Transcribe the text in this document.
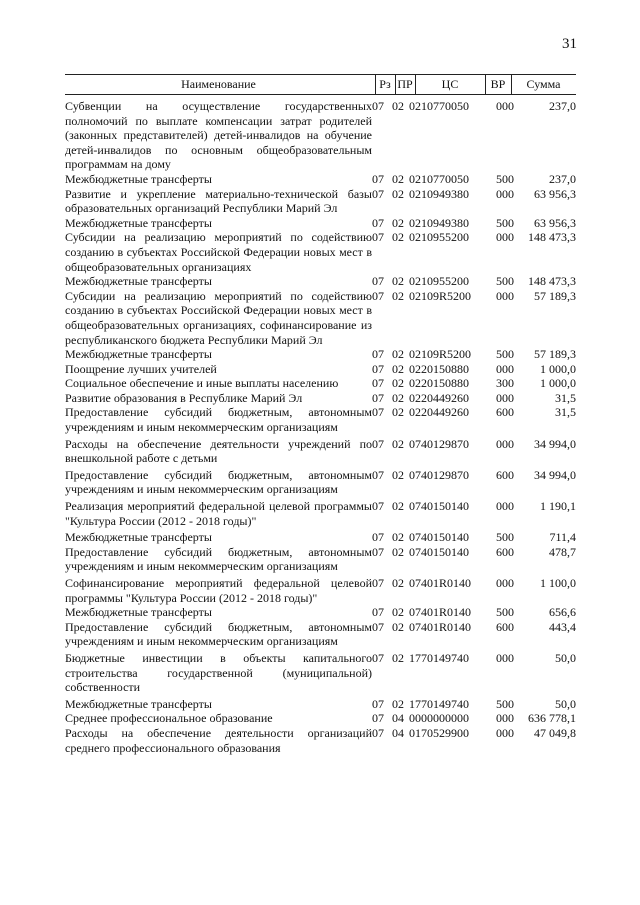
31
Наименование	Рз ПР	ЦС	ВР	Сумма
Субвенции на осуществление государственных полномочий по выплате компенсации затрат родителей (законных представителей) детей-инвалидов на обучение детей-инвалидов по основным общеобразовательным программам на дому
07 02 0210770050	000	237,0
Межбюджетные трансферты	07 02 0210770050	500	237,0
Развитие и укрепление материально-технической базы образовательных организаций Республики Марий Эл
07 02 0210949380	000	63 956,3
Межбюджетные трансферты	07 02 0210949380	500	63 956,3
Субсидии на реализацию мероприятий по содействию созданию в субъектах Российской Федерации новых мест в общеобразовательных организациях
07 02 0210955200	000	148 473,3
Межбюджетные трансферты	07 02 0210955200	500	148 473,3
Субсидии на реализацию мероприятий по содействию созданию в субъектах Российской Федерации новых мест в общеобразовательных организациях, софинансирование из республиканского бюджета Республики Марий Эл
07 02 02109R5200	000	57 189,3
Межбюджетные трансферты	07 02 02109R5200	500	57 189,3
Поощрение лучших учителей	07 02 0220150880	000	1 000,0
Социальное обеспечение и иные выплаты населению	07 02 0220150880	300	1 000,0
Развитие образования в Республике Марий Эл	07 02 0220449260	000	31,5
Предоставление субсидий бюджетным, автономным учреждениям и иным некоммерческим организациям
07 02 0220449260	600	31,5
Расходы на обеспечение деятельности учреждений по внешкольной работе с детьми
07 02 0740129870	000	34 994,0
Предоставление субсидий бюджетным, автономным учреждениям и иным некоммерческим организациям
07 02 0740129870	600	34 994,0
Реализация мероприятий федеральной целевой программы "Культура России (2012 - 2018 годы)"
07 02 0740150140	000	1 190,1
Межбюджетные трансферты	07 02 0740150140	500	711,4
Предоставление субсидий бюджетным, автономным учреждениям и иным некоммерческим организациям
07 02 0740150140	600	478,7
Софинансирование мероприятий федеральной целевой программы "Культура России (2012 - 2018 годы)"
07 02 07401R0140	000	1 100,0
Межбюджетные трансферты	07 02 07401R0140	500	656,6
Предоставление субсидий бюджетным, автономным учреждениям и иным некоммерческим организациям
07 02 07401R0140	600	443,4
Бюджетные инвестиции в объекты капитального строительства государственной (муниципальной) собственности
07 02 1770149740	000	50,0
Межбюджетные трансферты	07 02 1770149740	500	50,0
Среднее профессиональное образование	07 04 0000000000	000	636 778,1
Расходы на обеспечение деятельности организаций среднего профессионального образования
07 04 0170529900	000	47 049,8
